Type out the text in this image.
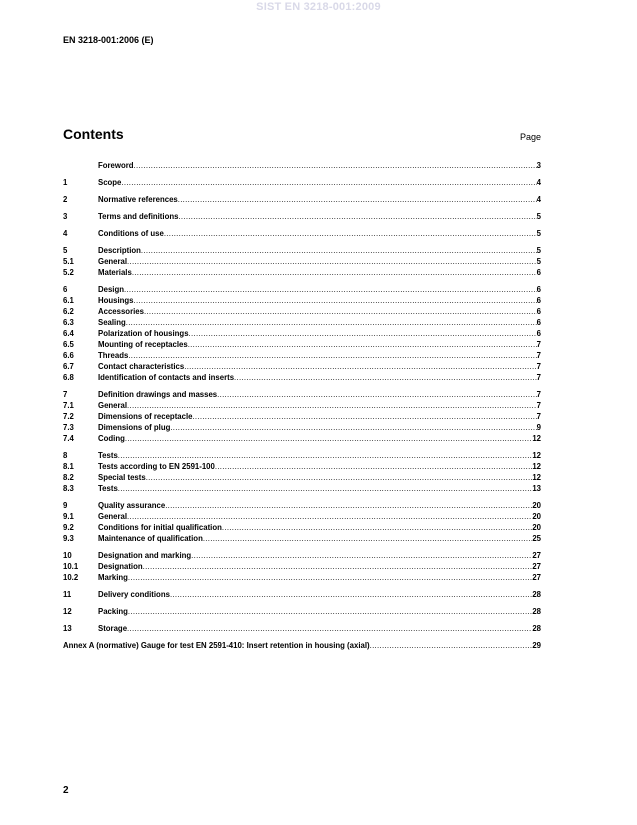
SIST EN 3218-001:2009
EN 3218-001:2006 (E)
Contents	Page
Foreword .....	3
1	Scope .....	4
2	Normative references .....	4
3	Terms and definitions .....	5
4	Conditions of use .....	5
5	Description .....	5
5.1	General .....	5
5.2	Materials .....	6
6	Design .....	6
6.1	Housings .....	6
6.2	Accessories .....	6
6.3	Sealing .....	6
6.4	Polarization of housings .....	6
6.5	Mounting of receptacles .....	7
6.6	Threads .....	7
6.7	Contact characteristics .....	7
6.8	Identification of contacts and inserts .....	7
7	Definition drawings and masses .....	7
7.1	General .....	7
7.2	Dimensions of receptacle .....	7
7.3	Dimensions of plug .....	9
7.4	Coding .....	12
8	Tests .....	12
8.1	Tests according to EN 2591-100 .....	12
8.2	Special tests .....	12
8.3	Tests .....	13
9	Quality assurance .....	20
9.1	General .....	20
9.2	Conditions for initial qualification .....	20
9.3	Maintenance of qualification .....	25
10	Designation and marking .....	27
10.1	Designation .....	27
10.2	Marking .....	27
11	Delivery conditions .....	28
12	Packing .....	28
13	Storage .....	28
Annex A (normative) Gauge for test EN 2591-410: Insert retention in housing (axial) .....	29
2
